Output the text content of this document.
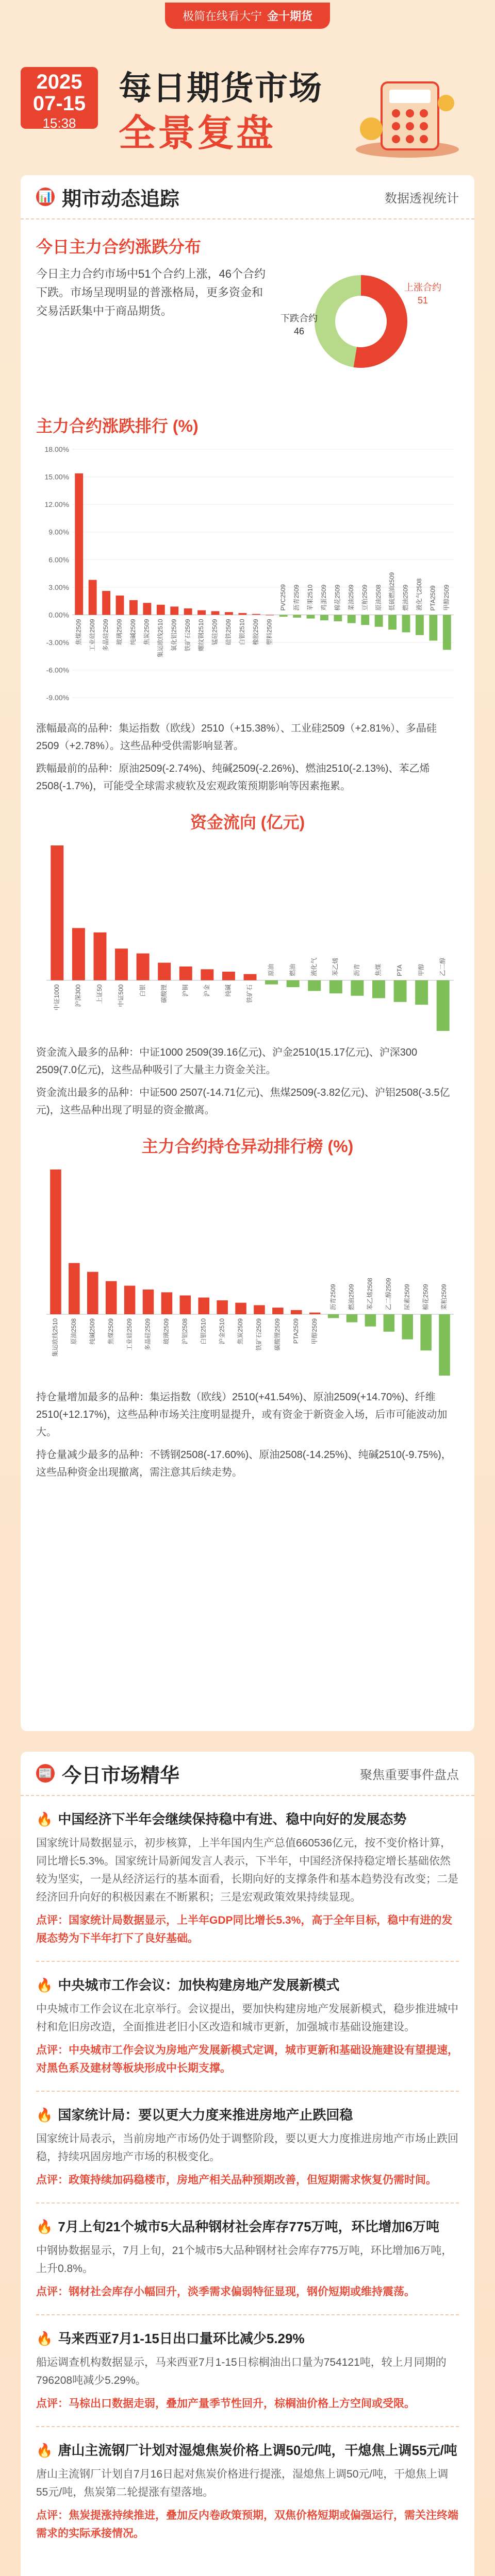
极简在线看大宁 金十期货
2025
07-15
15:38
每日期货市场
全景复盘
📊 期市动态追踪	数据透视统计
今日主力合约涨跌分布
今日主力合约市场中51个合约上涨，46个合约下跌。市场呈现明显的普涨格局，更多资金和交易活跃集中于商品期货。
上涨合约
51
下跌合约
46
主力合约涨跌排行 (%)
18.00%
15.00%
12.00%
9.00%
6.00%
3.00%
0.00%
-3.00%
-6.00%
-9.00%
焦煤2509 工业硅2509 多晶硅2509 玻璃2509 纯碱2509 焦炭2509 集运欧线2510 氧化铝2509 铁矿石2509 螺纹钢2510 锰硅2509 硅铁2509 白银2510 橡胶2509 塑料2509
PVC2509 沥青2509 苹果2510 鸡蛋2509 棉花2509 菜油2509 豆粕2509 原油2508 低硫燃油2509 燃油2509 液化气2508 PTA2509 甲醇2509
涨幅最高的品种：集运指数（欧线）2510（+15.38%）、工业硅2509（+2.81%）、多晶硅2509（+2.78%）。这些品种受供需影响显著。
跌幅最前的品种：原油2509(-2.74%)、纯碱2509(-2.26%)、燃油2510(-2.13%)、苯乙烯2508(-1.7%)，可能受全球需求疲软及宏观政策预期影响等因素拖累。
资金流向 (亿元)
中证1000 沪深300 上证50 中证500 白银 碳酸锂 沪铜 沪金 纯碱 铁矿石
原油 燃油 液化气 苯乙烯 沥青 焦煤 PTA 甲醇 乙二醇
资金流入最多的品种：中证1000 2509(39.16亿元)、沪金2510(15.17亿元)、沪深300 2509(7.0亿元)，这些品种吸引了大量主力资金关注。
资金流出最多的品种：中证500 2507(-14.71亿元)、焦煤2509(-3.82亿元)、沪铝2508(-3.5亿元)，这些品种出现了明显的资金撤离。
主力合约持仓异动排行榜 (%)
集运欧线2510 原油2508 纯碱2509 焦煤2509 工业硅2509 多晶硅2509 玻璃2509 沪铝2508 白银2510 沪金2510 焦炭2509 铁矿石2509 碳酸锂2509 PTA2509 甲醇2509
沥青2509 燃油2509 苯乙烯2508 乙二醇2509 尿素2509 棉花2509 菜粕2509
持仓量增加最多的品种：集运指数（欧线）2510(+41.54%)、原油2509(+14.70%)、纤维2510(+12.17%)，这些品种市场关注度明显提升，或有资金于新资金入场，后市可能波动加大。
持仓量减少最多的品种：不锈钢2508(-17.60%)、原油2508(-14.25%)、纯碱2510(-9.75%)，这些品种资金出现撤离，需注意其后续走势。
📰 今日市场精华	聚焦重要事件盘点
🔥 中国经济下半年会继续保持稳中有进、稳中向好的发展态势
国家统计局数据显示，初步核算，上半年国内生产总值660536亿元，按不变价格计算，同比增长5.3%。国家统计局新闻发言人表示，下半年，中国经济保持稳定增长基础依然较为坚实，一是从经济运行的基本面看，长期向好的支撑条件和基本趋势没有改变；二是经济回升向好的积极因素在不断累积；三是宏观政策效果持续显现。
点评：国家统计局数据显示，上半年GDP同比增长5.3%，高于全年目标，稳中有进的发展态势为下半年打下了良好基础。
🔥 中央城市工作会议：加快构建房地产发展新模式
中央城市工作会议在北京举行。会议提出，要加快构建房地产发展新模式，稳步推进城中村和危旧房改造，全面推进老旧小区改造和城市更新，加强城市基础设施建设。
点评：中央城市工作会议为房地产发展新模式定调，城市更新和基础设施建设有望提速，对黑色系及建材等板块形成中长期支撑。
🔥 国家统计局：要以更大力度来推进房地产止跌回稳
国家统计局表示，当前房地产市场仍处于调整阶段，要以更大力度推进房地产市场止跌回稳，持续巩固房地产市场的积极变化。
点评：政策持续加码稳楼市，房地产相关品种预期改善，但短期需求恢复仍需时间。
🔥 7月上旬21个城市5大品种钢材社会库存775万吨，环比增加6万吨
中钢协数据显示，7月上旬，21个城市5大品种钢材社会库存775万吨，环比增加6万吨，上升0.8%。
点评：钢材社会库存小幅回升，淡季需求偏弱特征显现，钢价短期或维持震荡。
🔥 马来西亚7月1-15日出口量环比减少5.29%
船运调查机构数据显示，马来西亚7月1-15日棕榈油出口量为754121吨，较上月同期的796208吨减少5.29%。
点评：马棕出口数据走弱，叠加产量季节性回升，棕榈油价格上方空间或受限。
🔥 唐山主流钢厂计划对湿熄焦炭价格上调50元/吨，干熄焦上调55元/吨
唐山主流钢厂计划自7月16日起对焦炭价格进行提涨，湿熄焦上调50元/吨，干熄焦上调55元/吨，焦炭第二轮提涨有望落地。
点评：焦炭提涨持续推进，叠加反内卷政策预期，双焦价格短期或偏强运行，需关注终端需求的实际承接情况。
